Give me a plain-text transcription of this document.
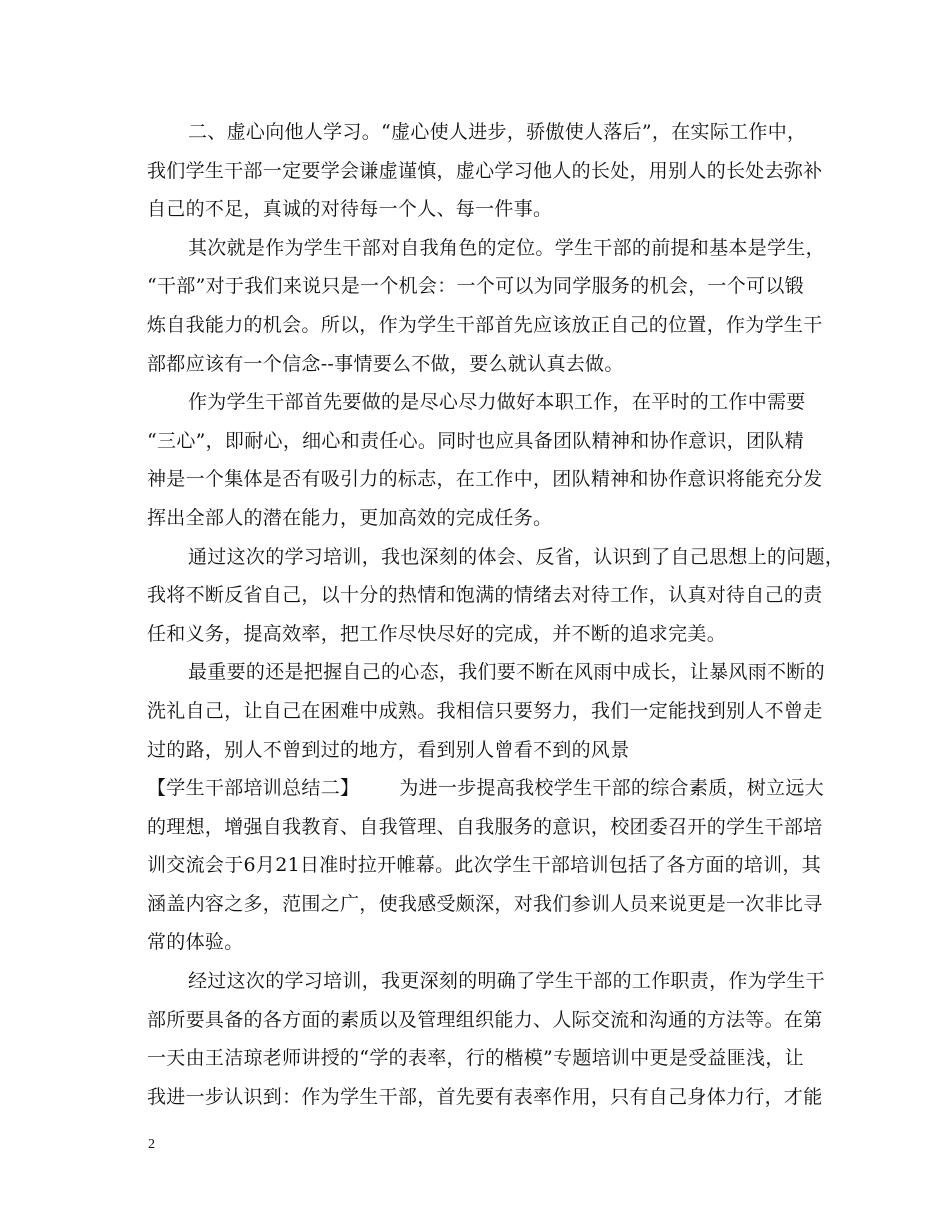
二、虚心向他人学习。“虚心使人进步，骄傲使人落后”，在实际工作中，
我们学生干部一定要学会谦虚谨慎，虚心学习他人的长处，用别人的长处去弥补
自己的不足，真诚的对待每一个人、每一件事。
其次就是作为学生干部对自我角色的定位。学生干部的前提和基本是学生，
“干部”对于我们来说只是一个机会：一个可以为同学服务的机会，一个可以锻
炼自我能力的机会。所以，作为学生干部首先应该放正自己的位置，作为学生干
部都应该有一个信念--事情要么不做，要么就认真去做。
作为学生干部首先要做的是尽心尽力做好本职工作，在平时的工作中需要
“三心”，即耐心，细心和责任心。同时也应具备团队精神和协作意识，团队精
神是一个集体是否有吸引力的标志，在工作中，团队精神和协作意识将能充分发
挥出全部人的潜在能力，更加高效的完成任务。
通过这次的学习培训，我也深刻的体会、反省，认识到了自己思想上的问题，
我将不断反省自己，以十分的热情和饱满的情绪去对待工作，认真对待自己的责
任和义务，提高效率，把工作尽快尽好的完成，并不断的追求完美。
最重要的还是把握自己的心态，我们要不断在风雨中成长，让暴风雨不断的
洗礼自己，让自己在困难中成熟。我相信只要努力，我们一定能找到别人不曾走
过的路，别人不曾到过的地方，看到别人曾看不到的风景
【学生干部培训总结二】 为进一步提高我校学生干部的综合素质，树立远大
的理想，增强自我教育、自我管理、自我服务的意识，校团委召开的学生干部培
训交流会于6月21日准时拉开帷幕。此次学生干部培训包括了各方面的培训，其
涵盖内容之多，范围之广，使我感受颇深，对我们参训人员来说更是一次非比寻
常的体验。
经过这次的学习培训，我更深刻的明确了学生干部的工作职责，作为学生干
部所要具备的各方面的素质以及管理组织能力、人际交流和沟通的方法等。在第
一天由王洁琼老师讲授的“学的表率，行的楷模”专题培训中更是受益匪浅，让
我进一步认识到：作为学生干部，首先要有表率作用，只有自己身体力行，才能
2
